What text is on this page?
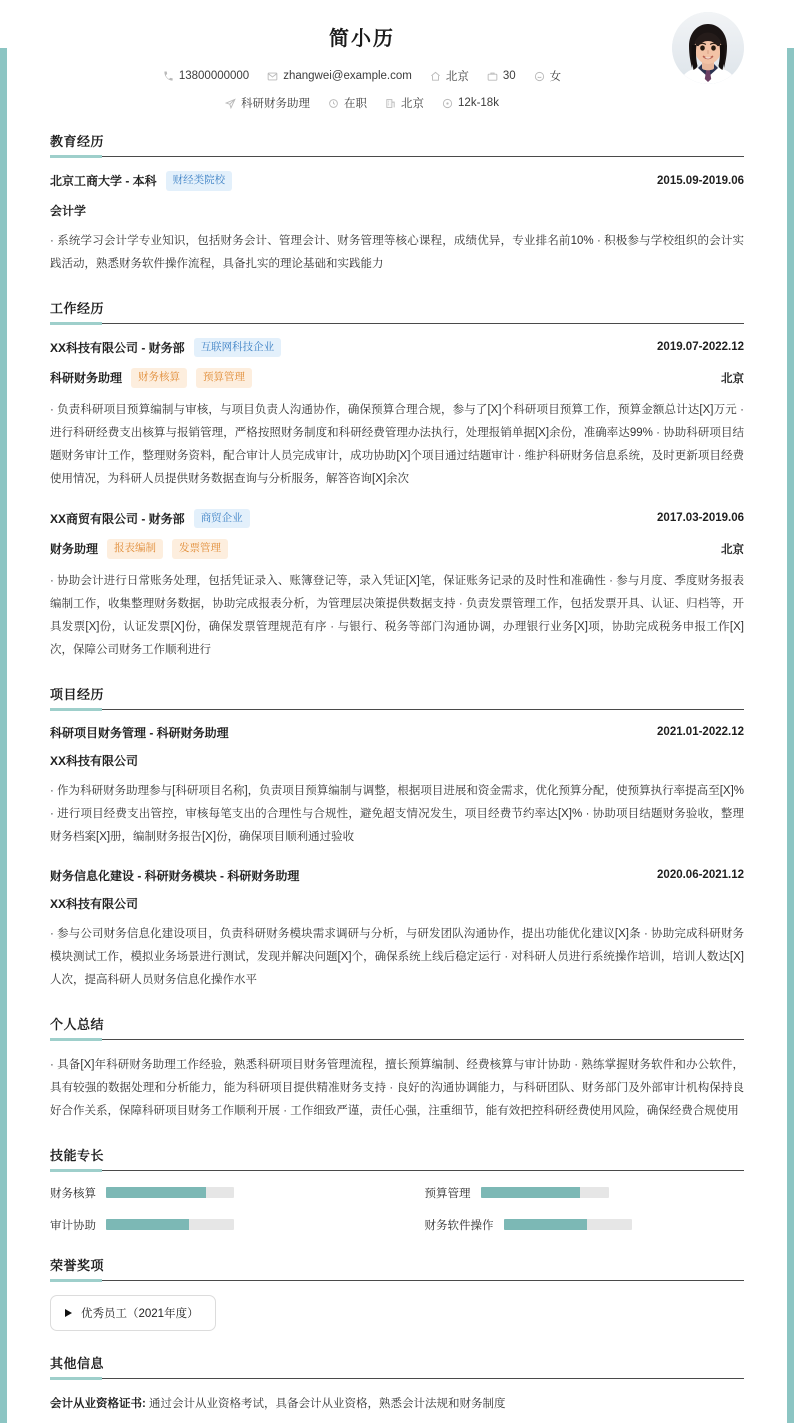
简小历
13800000000	zhangwei@example.com	北京	30	女
科研财务助理	在职	北京	12k-18k
教育经历
北京工商大学 - 本科	财经类院校	2015.09-2019.06
会计学
· 系统学习会计学专业知识，包括财务会计、管理会计、财务管理等核心课程，成绩优异，专业排名前10% · 积极参与学校组织的会计实践活动，熟悉财务软件操作流程，具备扎实的理论基础和实践能力
工作经历
XX科技有限公司 - 财务部	互联网科技企业	2019.07-2022.12
科研财务助理	财务核算	预算管理	北京
· 负责科研项目预算编制与审核，与项目负责人沟通协作，确保预算合理合规，参与了[X]个科研项目预算工作，预算金额总计达[X]万元 · 进行科研经费支出核算与报销管理，严格按照财务制度和科研经费管理办法执行，处理报销单据[X]余份，准确率达99% · 协助科研项目结题财务审计工作，整理财务资料，配合审计人员完成审计，成功协助[X]个项目通过结题审计 · 维护科研财务信息系统，及时更新项目经费使用情况，为科研人员提供财务数据查询与分析服务，解答咨询[X]余次
XX商贸有限公司 - 财务部	商贸企业	2017.03-2019.06
财务助理	报表编制	发票管理	北京
· 协助会计进行日常账务处理，包括凭证录入、账簿登记等，录入凭证[X]笔，保证账务记录的及时性和准确性 · 参与月度、季度财务报表编制工作，收集整理财务数据，协助完成报表分析，为管理层决策提供数据支持 · 负责发票管理工作，包括发票开具、认证、归档等，开具发票[X]份，认证发票[X]份，确保发票管理规范有序 · 与银行、税务等部门沟通协调，办理银行业务[X]项，协助完成税务申报工作[X]次，保障公司财务工作顺利进行
项目经历
科研项目财务管理 - 科研财务助理	2021.01-2022.12
XX科技有限公司
· 作为科研财务助理参与[科研项目名称]，负责项目预算编制与调整，根据项目进展和资金需求，优化预算分配，使预算执行率提高至[X]% · 进行项目经费支出管控，审核每笔支出的合理性与合规性，避免超支情况发生，项目经费节约率达[X]% · 协助项目结题财务验收，整理财务档案[X]册，编制财务报告[X]份，确保项目顺利通过验收
财务信息化建设 - 科研财务模块 - 科研财务助理	2020.06-2021.12
XX科技有限公司
· 参与公司财务信息化建设项目，负责科研财务模块需求调研与分析，与研发团队沟通协作，提出功能优化建议[X]条 · 协助完成科研财务模块测试工作，模拟业务场景进行测试，发现并解决问题[X]个，确保系统上线后稳定运行 · 对科研人员进行系统操作培训，培训人数达[X]人次，提高科研人员财务信息化操作水平
个人总结
· 具备[X]年科研财务助理工作经验，熟悉科研项目财务管理流程，擅长预算编制、经费核算与审计协助 · 熟练掌握财务软件和办公软件，具有较强的数据处理和分析能力，能为科研项目提供精准财务支持 · 良好的沟通协调能力，与科研团队、财务部门及外部审计机构保持良好合作关系，保障科研项目财务工作顺利开展 · 工作细致严谨，责任心强，注重细节，能有效把控科研经费使用风险，确保经费合规使用
技能专长
财务核算	预算管理
审计协助	财务软件操作
荣誉奖项
优秀员工（2021年度）
其他信息
会计从业资格证书: 通过会计从业资格考试，具备会计从业资格，熟悉会计法规和财务制度
